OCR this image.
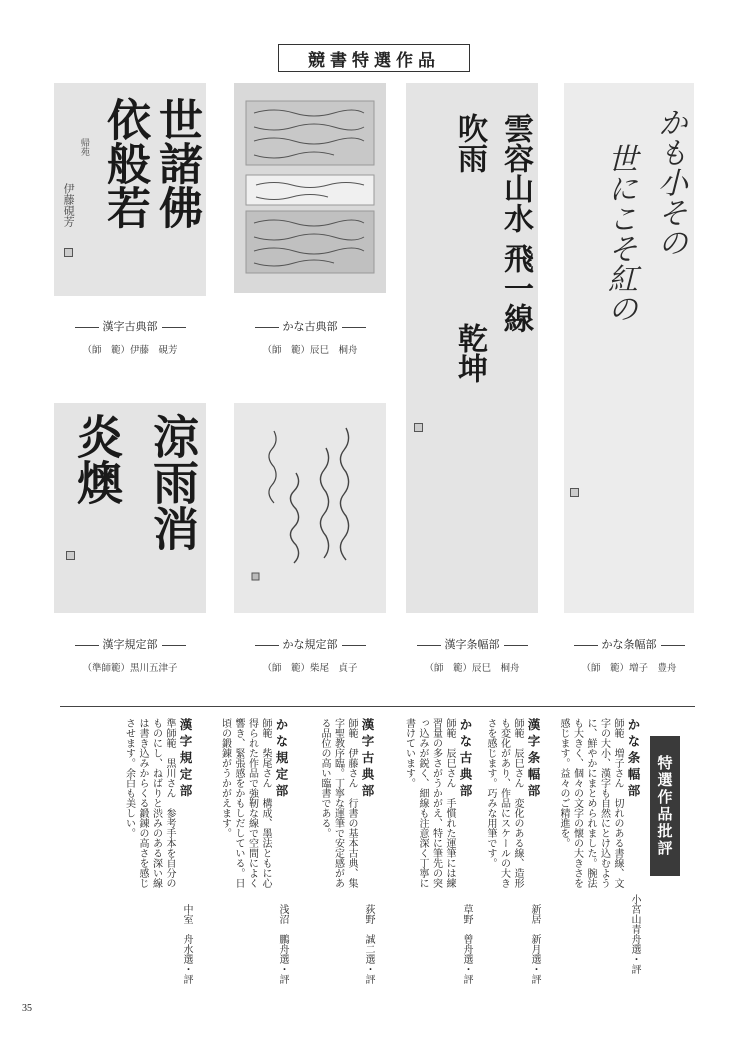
競書特選作品
世諸佛
依般若
帰苑
伊藤硯芳
漢字古典部
（師　範）伊藤　硯芳
かな古典部
（師　範）辰巳　桐舟
涼雨消
炎燠
漢字規定部
（準師範）黒川五津子
かな規定部
（師　範）柴尾　貞子
雲容山水
飛一線
吹雨
乾坤
漢字条幅部
（師　範）辰巳　桐舟
かも小その
世にこそ紅の
かな条幅部
（師　範）増子　豊舟
特選作品批評
かな条幅部
師範　増子さん　切れのある書線、文字の大小、漢字も自然にとけ込むように、鮮やかにまとめられました。腕法も大きく、個々の文字の懐の大きさを感じます。益々のご精進を。
小宮山青舟選・評
漢字条幅部
師範　辰巳さん　変化のある線、造形も変化があり、作品にスケールの大きさを感じます。巧みな用筆です。
新居　新月選・評
かな古典部
師範　辰巳さん　手慣れた運筆には練習量の多さがうかがえ、特に筆先の突っ込みが鋭く、細線も注意深く丁寧に書けています。
草野　曾舟選・評
漢字古典部
師範　伊藤さん　行書の基本古典、集字聖教序臨。丁寧な運筆で安定感がある品位の高い臨書である。
荻野　誠二選・評
かな規定部
師範　柴尾さん　構成、墨法ともに心得られた作品で強靭な線で空間によく響き、緊張感をかもしだしている。日頃の鍛錬がうかがえます。
浅沼　鵬舟選・評
漢字規定部
準師範　黒川さん　参考手本を自分のものにし、ねばりと渋みのある深い線は書き込みからくる鍛錬の高さを感じさせます。余白も美しい。
中室　舟水選・評
35
